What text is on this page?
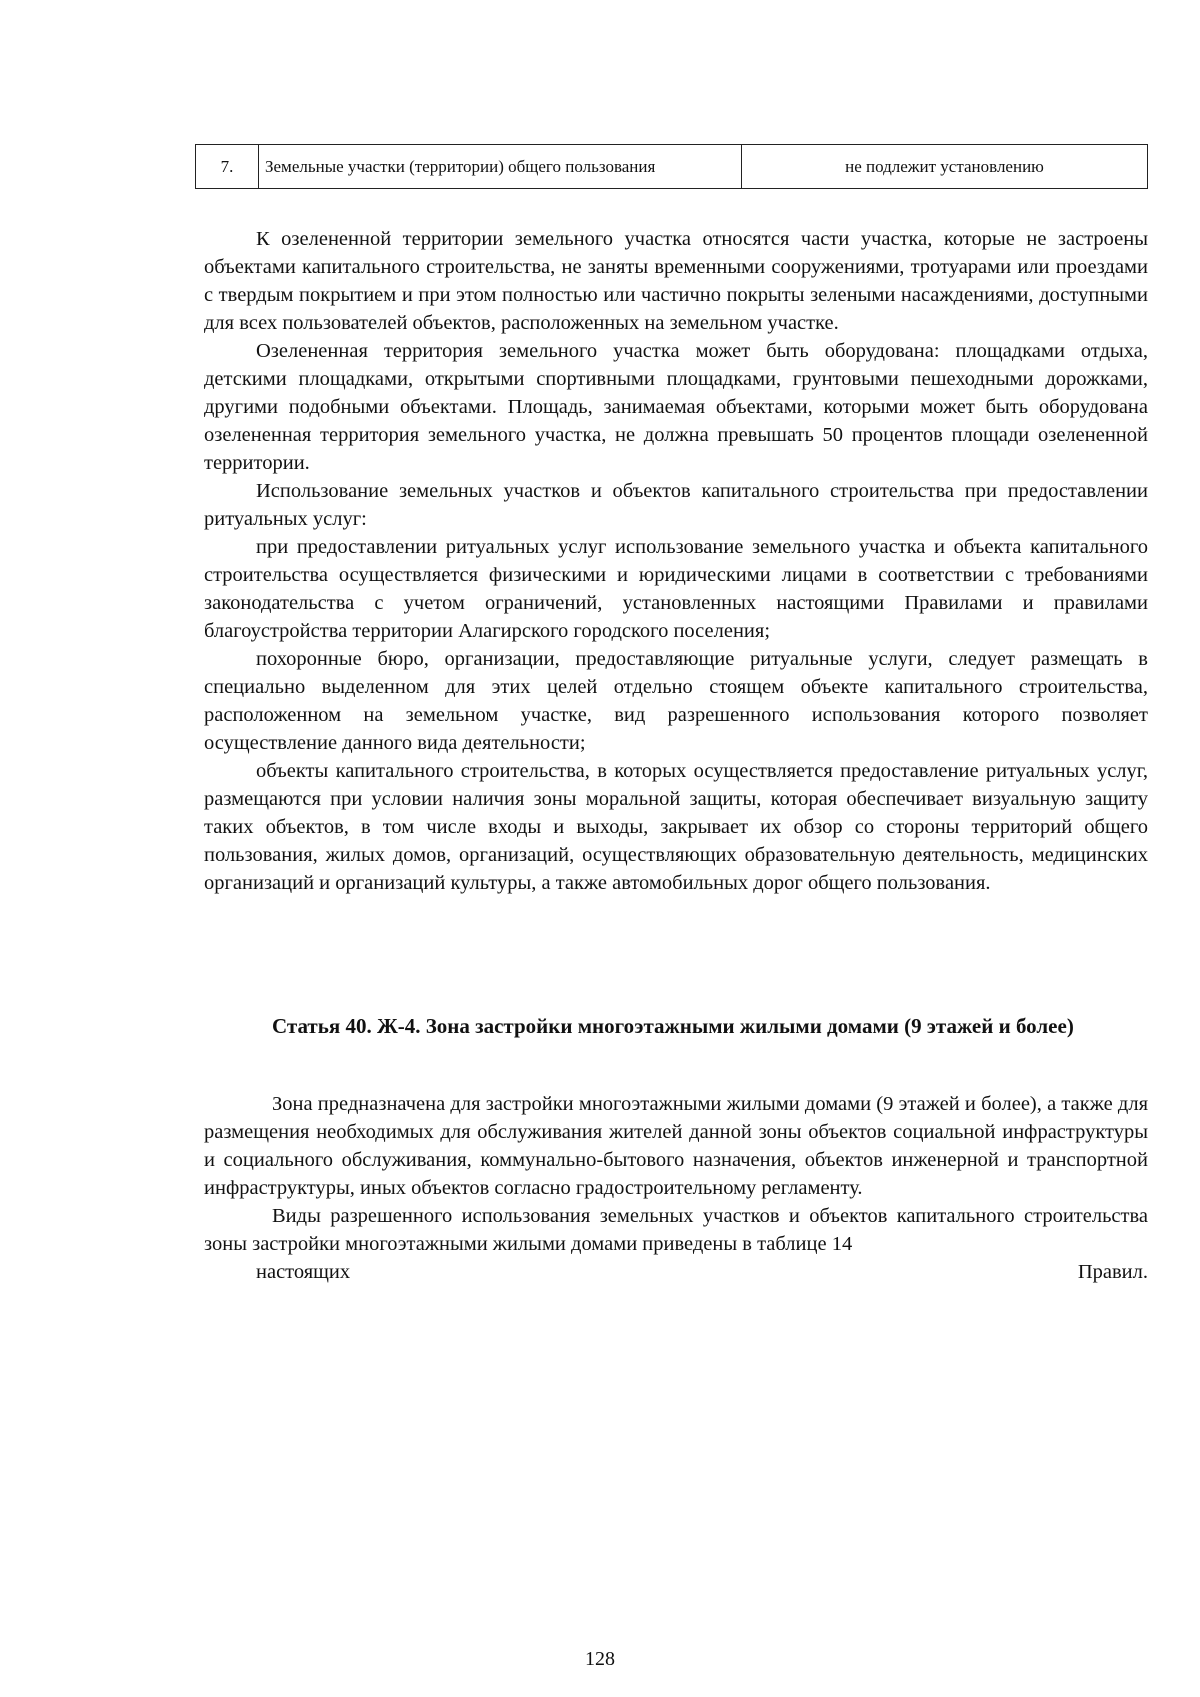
7.	Земельные участки (территории) общего пользования	не подлежит установлению

К озелененной территории земельного участка относятся части участка, которые не застроены объектами капитального строительства, не заняты временными сооружениями, тротуарами или проездами с твердым покрытием и при этом полностью или частично покрыты зелеными насаждениями, доступными для всех пользователей объектов, расположенных на земельном участке.

Озелененная территория земельного участка может быть оборудована: площадками отдыха, детскими площадками, открытыми спортивными площадками, грунтовыми пешеходными дорожками, другими подобными объектами. Площадь, занимаемая объектами, которыми может быть оборудована озелененная территория земельного участка, не должна превышать 50 процентов площади озелененной территории.

Использование земельных участков и объектов капитального строительства при предоставлении ритуальных услуг:

при предоставлении ритуальных услуг использование земельного участка и объекта капитального строительства осуществляется физическими и юридическими лицами в соответствии с требованиями законодательства с учетом ограничений, установленных настоящими Правилами и правилами благоустройства территории Алагирского городского поселения;

похоронные бюро, организации, предоставляющие ритуальные услуги, следует размещать в специально выделенном для этих целей отдельно стоящем объекте капитального строительства, расположенном на земельном участке, вид разрешенного использования которого позволяет осуществление данного вида деятельности;

объекты капитального строительства, в которых осуществляется предоставление ритуальных услуг, размещаются при условии наличия зоны моральной защиты, которая обеспечивает визуальную защиту таких объектов, в том числе входы и выходы, закрывает их обзор со стороны территорий общего пользования, жилых домов, организаций, осуществляющих образовательную деятельность, медицинских организаций и организаций культуры, а также автомобильных дорог общего пользования.

Статья 40. Ж-4. Зона застройки многоэтажными жилыми домами (9 этажей и более)

Зона предназначена для застройки многоэтажными жилыми домами (9 этажей и более), а также для размещения необходимых для обслуживания жителей данной зоны объектов социальной инфраструктуры и социального обслуживания, коммунально-бытового назначения, объектов инженерной и транспортной инфраструктуры, иных объектов согласно градостроительному регламенту.

Виды разрешенного использования земельных участков и объектов капитального строительства зоны застройки многоэтажными жилыми домами приведены в таблице 14

настоящих	Правил.

128
